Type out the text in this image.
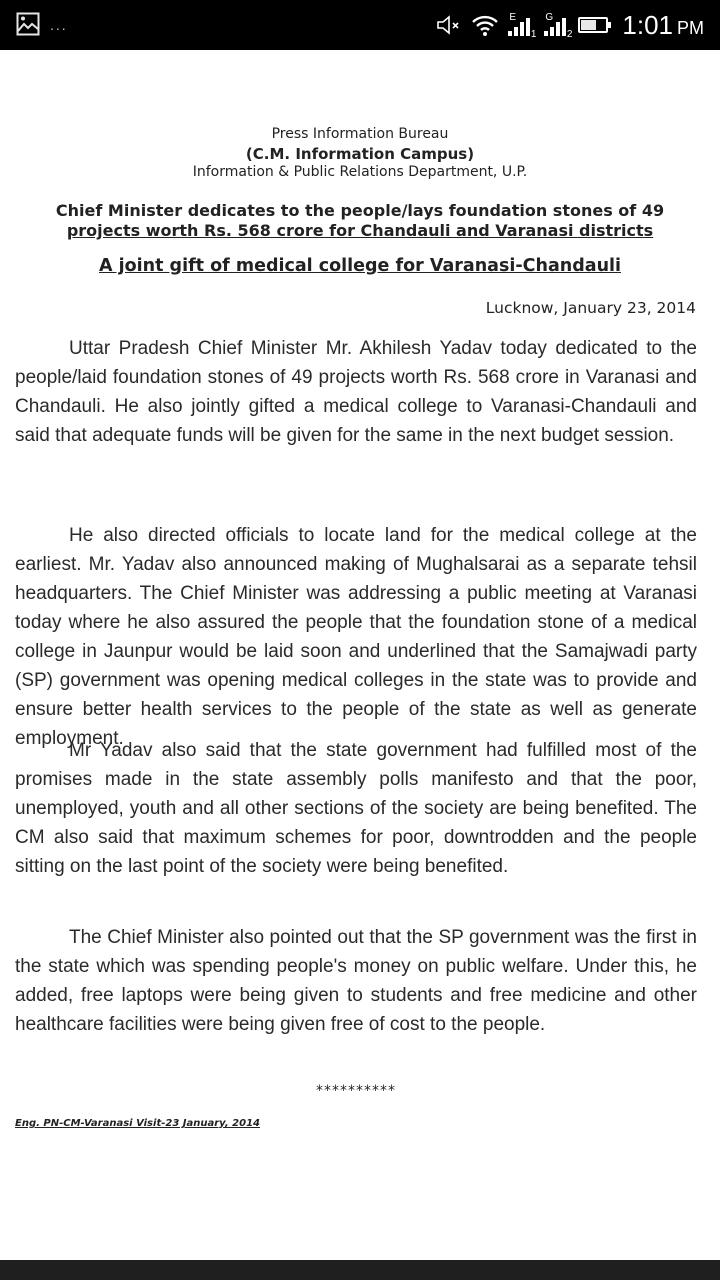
...	E
1
G
2 1:01 PM
Press Information Bureau
(C.M. Information Campus)
Information & Public Relations Department, U.P.
Chief Minister dedicates to the people/lays foundation stones of 49
projects worth Rs. 568 crore for Chandauli and Varanasi districts
A joint gift of medical college for Varanasi-Chandauli
Lucknow, January 23, 2014
Uttar Pradesh Chief Minister Mr. Akhilesh Yadav today dedicated to the people/laid foundation stones of 49 projects worth Rs. 568 crore in Varanasi and Chandauli. He also jointly gifted a medical college to Varanasi-Chandauli and said that adequate funds will be given for the same in the next budget session.
He also directed officials to locate land for the medical college at the earliest. Mr. Yadav also announced making of Mughalsarai as a separate tehsil headquarters. The Chief Minister was addressing a public meeting at Varanasi today where he also assured the people that the foundation stone of a medical college in Jaunpur would be laid soon and underlined that the Samajwadi party (SP) government was opening medical colleges in the state was to provide and ensure better health services to the people of the state as well as generate employment.
Mr Yadav also said that the state government had fulfilled most of the promises made in the state assembly polls manifesto and that the poor, unemployed, youth and all other sections of the society are being benefited. The CM also said that maximum schemes for poor, downtrodden and the people sitting on the last point of the society were being benefited.
The Chief Minister also pointed out that the SP government was the first in the state which was spending people's money on public welfare. Under this, he added, free laptops were being given to students and free medicine and other healthcare facilities were being given free of cost to the people.
**********
Eng. PN-CM-Varanasi Visit-23 January, 2014
